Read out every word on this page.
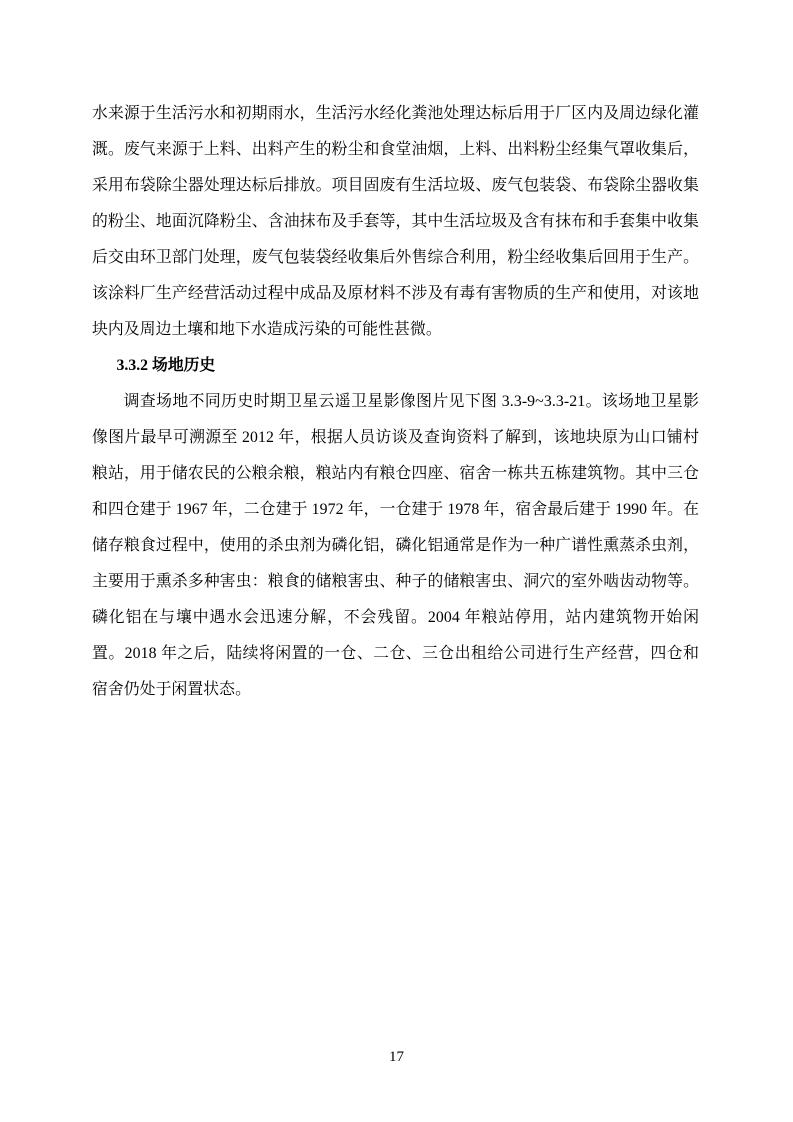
水来源于生活污水和初期雨水，生活污水经化粪池处理达标后用于厂区内及周边绿化灌溉。废气来源于上料、出料产生的粉尘和食堂油烟，上料、出料粉尘经集气罩收集后，采用布袋除尘器处理达标后排放。项目固废有生活垃圾、废气包装袋、布袋除尘器收集的粉尘、地面沉降粉尘、含油抹布及手套等，其中生活垃圾及含有抹布和手套集中收集后交由环卫部门处理，废气包装袋经收集后外售综合利用，粉尘经收集后回用于生产。该涂料厂生产经营活动过程中成品及原材料不涉及有毒有害物质的生产和使用，对该地块内及周边土壤和地下水造成污染的可能性甚微。

3.3.2 场地历史

调查场地不同历史时期卫星云遥卫星影像图片见下图 3.3-9~3.3-21。该场地卫星影像图片最早可溯源至 2012 年，根据人员访谈及查询资料了解到，该地块原为山口铺村粮站，用于储农民的公粮余粮，粮站内有粮仓四座、宿舍一栋共五栋建筑物。其中三仓和四仓建于 1967 年，二仓建于 1972 年，一仓建于 1978 年，宿舍最后建于 1990 年。在储存粮食过程中，使用的杀虫剂为磷化铝，磷化铝通常是作为一种广谱性熏蒸杀虫剂，主要用于熏杀多种害虫：粮食的储粮害虫、种子的储粮害虫、洞穴的室外啮齿动物等。磷化铝在与壤中遇水会迅速分解，不会残留。2004 年粮站停用，站内建筑物开始闲置。2018 年之后，陆续将闲置的一仓、二仓、三仓出租给公司进行生产经营，四仓和宿舍仍处于闲置状态。

17
